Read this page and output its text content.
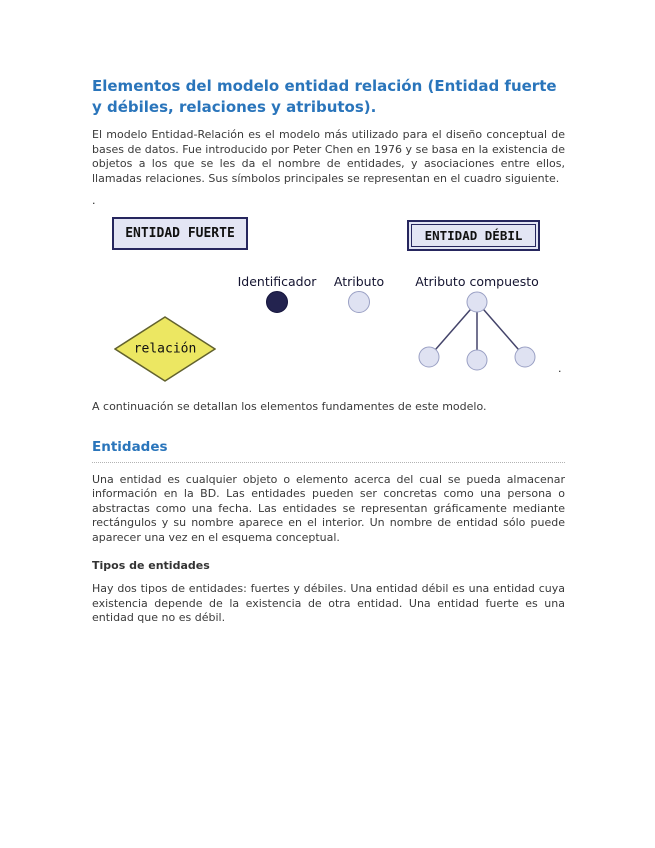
Elementos del modelo entidad relación (Entidad fuerte y débiles, relaciones y atributos).

El modelo Entidad-Relación es el modelo más utilizado para el diseño conceptual de bases de datos. Fue introducido por Peter Chen en 1976 y se basa en la existencia de objetos a los que se les da el nombre de entidades, y asociaciones entre ellos, llamadas relaciones. Sus símbolos principales se representan en el cuadro siguiente.

.

ENTIDAD FUERTE	ENTIDAD DÉBIL
Identificador Atributo Atributo compuesto
relación
.

A continuación se detallan los elementos fundamentes de este modelo.

Entidades

Una entidad es cualquier objeto o elemento acerca del cual se pueda almacenar información en la BD. Las entidades pueden ser concretas como una persona o abstractas como una fecha. Las entidades se representan gráficamente mediante rectángulos y su nombre aparece en el interior. Un nombre de entidad sólo puede aparecer una vez en el esquema conceptual.

Tipos de entidades

Hay dos tipos de entidades: fuertes y débiles. Una entidad débil es una entidad cuya existencia depende de la existencia de otra entidad. Una entidad fuerte es una entidad que no es débil.
